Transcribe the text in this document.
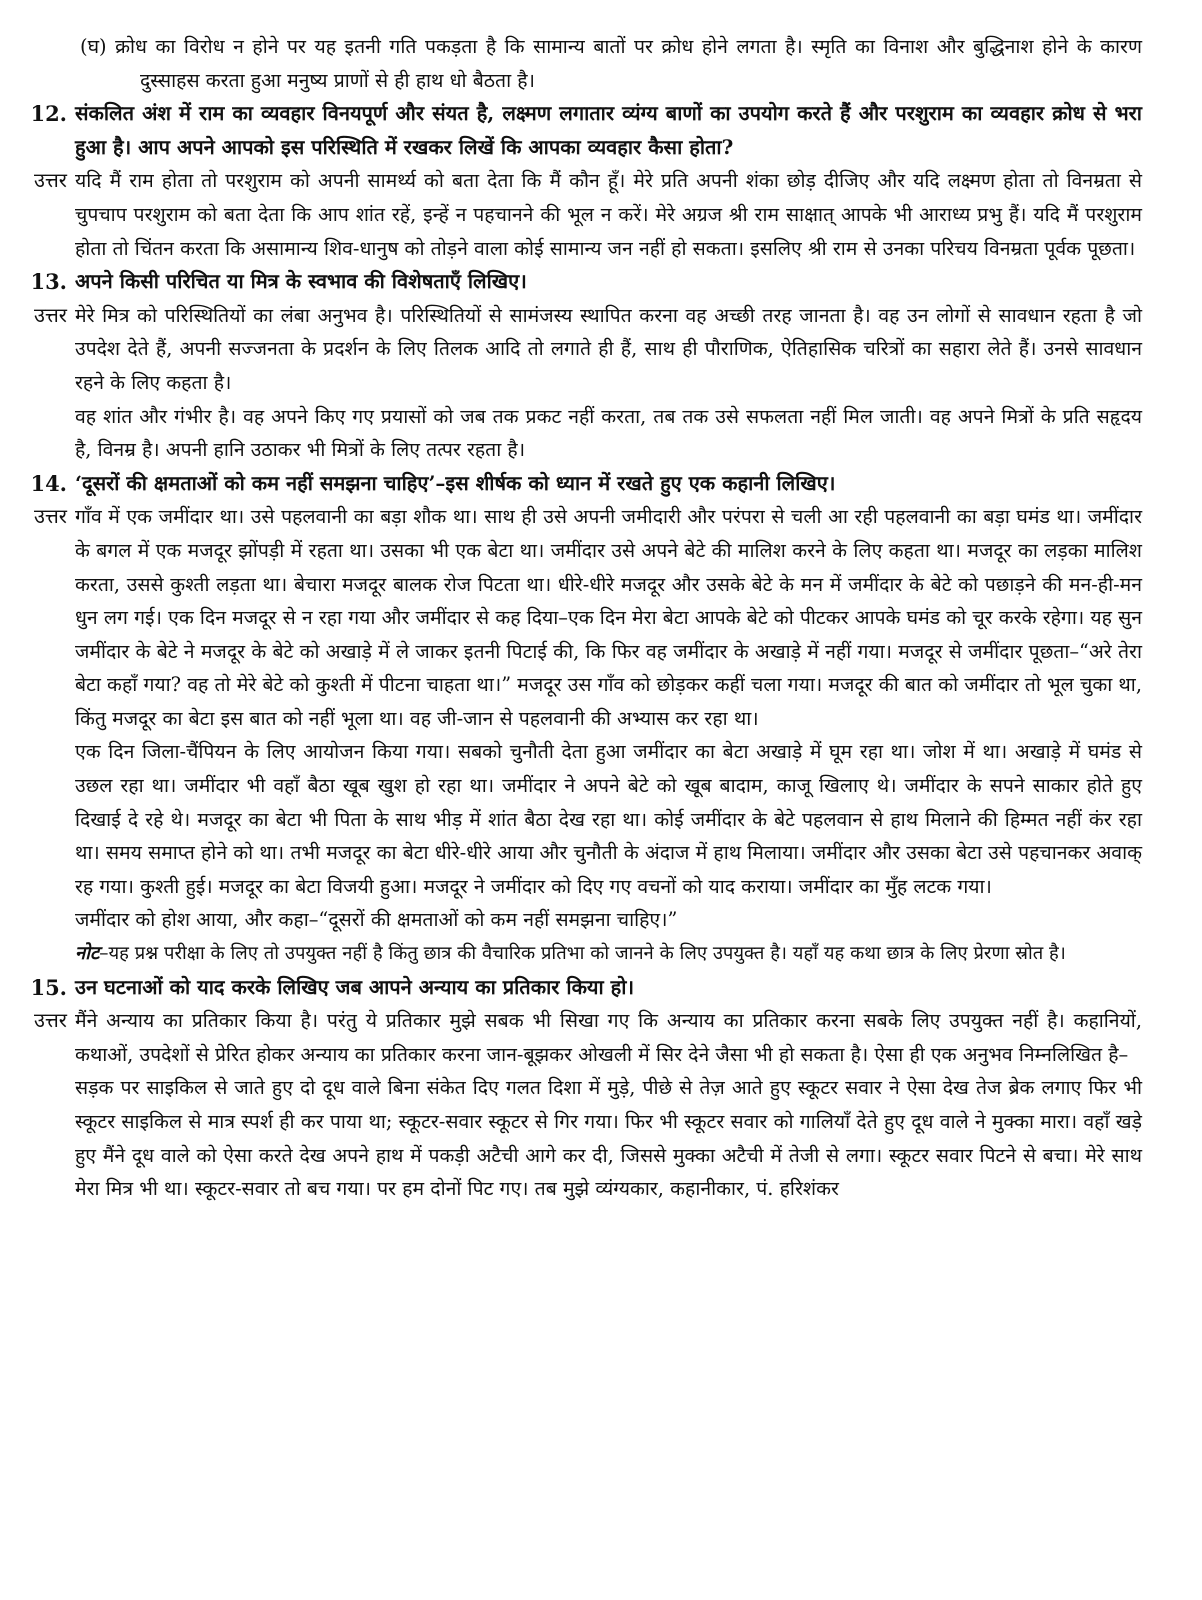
(घ) क्रोध का विरोध न होने पर यह इतनी गति पकड़ता है कि सामान्य बातों पर क्रोध होने लगता है। स्मृति का विनाश और बुद्धिनाश होने के कारण दुस्साहस करता हुआ मनुष्य प्राणों से ही हाथ धो बैठता है।

12. संकलित अंश में राम का व्यवहार विनयपूर्ण और संयत है, लक्ष्मण लगातार व्यंग्य बाणों का उपयोग करते हैं और परशुराम का व्यवहार क्रोध से भरा हुआ है। आप अपने आपको इस परिस्थिति में रखकर लिखें कि आपका व्यवहार कैसा होता?

उत्तर यदि मैं राम होता तो परशुराम को अपनी सामर्थ्य को बता देता कि मैं कौन हूँ। मेरे प्रति अपनी शंका छोड़ दीजिए और यदि लक्ष्मण होता तो विनम्रता से चुपचाप परशुराम को बता देता कि आप शांत रहें, इन्हें न पहचानने की भूल न करें। मेरे अग्रज श्री राम साक्षात् आपके भी आराध्य प्रभु हैं। यदि मैं परशुराम होता तो चिंतन करता कि असामान्य शिव-धानुष को तोड़ने वाला कोई सामान्य जन नहीं हो सकता। इसलिए श्री राम से उनका परिचय विनम्रता पूर्वक पूछता।

13. अपने किसी परिचित या मित्र के स्वभाव की विशेषताएँ लिखिए।

उत्तर मेरे मित्र को परिस्थितियों का लंबा अनुभव है। परिस्थितियों से सामंजस्य स्थापित करना वह अच्छी तरह जानता है। वह उन लोगों से सावधान रहता है जो उपदेश देते हैं, अपनी सज्जनता के प्रदर्शन के लिए तिलक आदि तो लगाते ही हैं, साथ ही पौराणिक, ऐतिहासिक चरित्रों का सहारा लेते हैं। उनसे सावधान रहने के लिए कहता है।

वह शांत और गंभीर है। वह अपने किए गए प्रयासों को जब तक प्रकट नहीं करता, तब तक उसे सफलता नहीं मिल जाती। वह अपने मित्रों के प्रति सहृदय है, विनम्र है। अपनी हानि उठाकर भी मित्रों के लिए तत्पर रहता है।

14. ‘दूसरों की क्षमताओं को कम नहीं समझना चाहिए’–इस शीर्षक को ध्यान में रखते हुए एक कहानी लिखिए।

उत्तर गाँव में एक जमींदार था। उसे पहलवानी का बड़ा शौक था। साथ ही उसे अपनी जमीदारी और परंपरा से चली आ रही पहलवानी का बड़ा घमंड था। जमींदार के बगल में एक मजदूर झोंपड़ी में रहता था। उसका भी एक बेटा था। जमींदार उसे अपने बेटे की मालिश करने के लिए कहता था। मजदूर का लड़का मालिश करता, उससे कुश्ती लड़ता था। बेचारा मजदूर बालक रोज पिटता था। धीरे-धीरे मजदूर और उसके बेटे के मन में जमींदार के बेटे को पछाड़ने की मन-ही-मन धुन लग गई। एक दिन मजदूर से न रहा गया और जमींदार से कह दिया–एक दिन मेरा बेटा आपके बेटे को पीटकर आपके घमंड को चूर करके रहेगा। यह सुन जमींदार के बेटे ने मजदूर के बेटे को अखाड़े में ले जाकर इतनी पिटाई की, कि फिर वह जमींदार के अखाड़े में नहीं गया। मजदूर से जमींदार पूछता–“अरे तेरा बेटा कहाँ गया? वह तो मेरे बेटे को कुश्ती में पीटना चाहता था।” मजदूर उस गाँव को छोड़कर कहीं चला गया। मजदूर की बात को जमींदार तो भूल चुका था, किंतु मजदूर का बेटा इस बात को नहीं भूला था। वह जी-जान से पहलवानी की अभ्यास कर रहा था।

एक दिन जिला-चैंपियन के लिए आयोजन किया गया। सबको चुनौती देता हुआ जमींदार का बेटा अखाड़े में घूम रहा था। जोश में था। अखाड़े में घमंड से उछल रहा था। जमींदार भी वहाँ बैठा खूब खुश हो रहा था। जमींदार ने अपने बेटे को खूब बादाम, काजू खिलाए थे। जमींदार के सपने साकार होते हुए दिखाई दे रहे थे। मजदूर का बेटा भी पिता के साथ भीड़ में शांत बैठा देख रहा था। कोई जमींदार के बेटे पहलवान से हाथ मिलाने की हिम्मत नहीं कंर रहा था। समय समाप्त होने को था। तभी मजदूर का बेटा धीरे-धीरे आया और चुनौती के अंदाज में हाथ मिलाया। जमींदार और उसका बेटा उसे पहचानकर अवाक् रह गया। कुश्ती हुई। मजदूर का बेटा विजयी हुआ। मजदूर ने जमींदार को दिए गए वचनों को याद कराया। जमींदार का मुँह लटक गया।

जमींदार को होश आया, और कहा–“दूसरों की क्षमताओं को कम नहीं समझना चाहिए।”

नोट–यह प्रश्न परीक्षा के लिए तो उपयुक्त नहीं है किंतु छात्र की वैचारिक प्रतिभा को जानने के लिए उपयुक्त है। यहाँ यह कथा छात्र के लिए प्रेरणा स्रोत है।

15. उन घटनाओं को याद करके लिखिए जब आपने अन्याय का प्रतिकार किया हो।

उत्तर मैंने अन्याय का प्रतिकार किया है। परंतु ये प्रतिकार मुझे सबक भी सिखा गए कि अन्याय का प्रतिकार करना सबके लिए उपयुक्त नहीं है। कहानियों, कथाओं, उपदेशों से प्रेरित होकर अन्याय का प्रतिकार करना जान-बूझकर ओखली में सिर देने जैसा भी हो सकता है। ऐसा ही एक अनुभव निम्नलिखित है–

सड़क पर साइकिल से जाते हुए दो दूध वाले बिना संकेत दिए गलत दिशा में मुड़े, पीछे से तेज़ आते हुए स्कूटर सवार ने ऐसा देख तेज ब्रेक लगाए फिर भी स्कूटर साइकिल से मात्र स्पर्श ही कर पाया था; स्कूटर-सवार स्कूटर से गिर गया। फिर भी स्कूटर सवार को गालियाँ देते हुए दूध वाले ने मुक्का मारा। वहाँ खड़े हुए मैंने दूध वाले को ऐसा करते देख अपने हाथ में पकड़ी अटैची आगे कर दी, जिससे मुक्का अटैची में तेजी से लगा। स्कूटर सवार पिटने से बचा। मेरे साथ मेरा मित्र भी था। स्कूटर-सवार तो बच गया। पर हम दोनों पिट गए। तब मुझे व्यंग्यकार, कहानीकार, पं. हरिशंकर
